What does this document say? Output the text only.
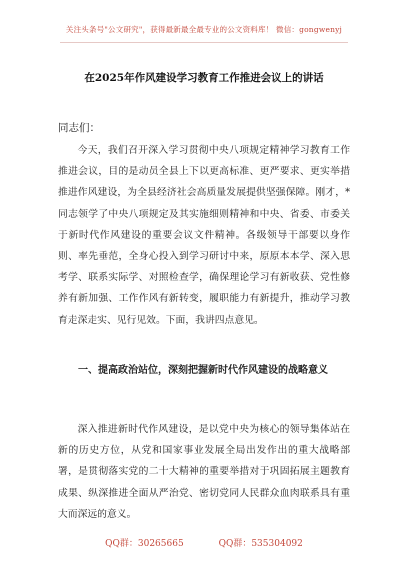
关注头条号"公文研究"，获得最新最全最专业的公文资料库！ 微信：gongwenyj
在2025年作风建设学习教育工作推进会议上的讲话
同志们：

今天，我们召开深入学习贯彻中央八项规定精神学习教育工作推进会议，目的是动员全县上下以更高标准、更严要求、更实举措推进作风建设，为全县经济社会高质量发展提供坚强保障。刚才，*同志领学了中央八项规定及其实施细则精神和中央、省委、市委关于新时代作风建设的重要会议文件精神。各级领导干部要以身作则、率先垂范，全身心投入到学习研讨中来，原原本本学、深入思考学、联系实际学、对照检查学，确保理论学习有新收获、党性修养有新加强、工作作风有新转变，履职能力有新提升，推动学习教育走深走实、见行见效。下面，我讲四点意见。

一、提高政治站位，深刻把握新时代作风建设的战略意义

深入推进新时代作风建设，是以党中央为核心的领导集体站在新的历史方位，从党和国家事业发展全局出发作出的重大战略部署，是贯彻落实党的二十大精神的重要举措对于巩固拓展主题教育成果、纵深推进全面从严治党、密切党同人民群众血肉联系具有重大而深远的意义。

QQ群：30265665	QQ群：535304092
